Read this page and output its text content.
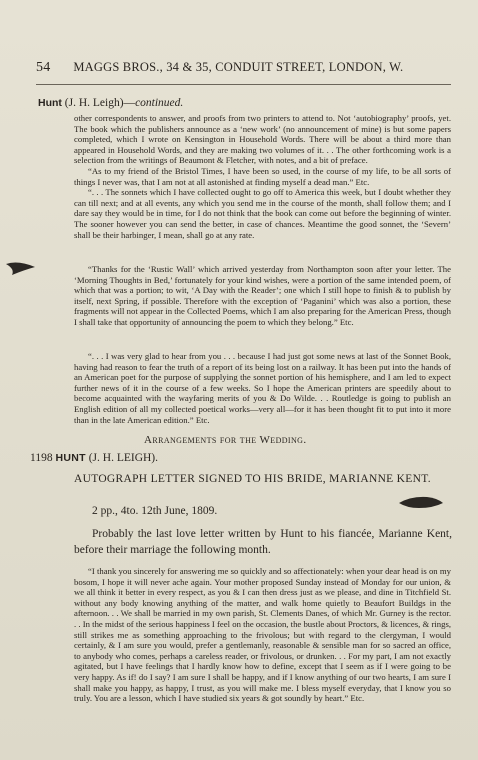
54 MAGGS BROS., 34 & 35, CONDUIT STREET, LONDON, W.
Hunt (J. H. Leigh)—continued.

other correspondents to answer, and proofs from two printers to attend to. Not ‘autobiography’ proofs, yet. The book which the publishers announce as a ‘new work’ (no announcement of mine) is but some papers completed, which I wrote on Kensington in Household Words. There will be about a third more than appeared in Household Words, and they are making two volumes of it. . . The other forthcoming work is a selection from the writings of Beaumont & Fletcher, with notes, and a bit of preface.

“As to my friend of the Bristol Times, I have been so used, in the course of my life, to be all sorts of things I never was, that I am not at all astonished at finding myself a dead man.” Etc.

“. . . The sonnets which I have collected ought to go off to America this week, but I doubt whether they can till next; and at all events, any which you send me in the course of the month, shall follow them; and I dare say they would be in time, for I do not think that the book can come out before the beginning of winter. The sooner however you can send the better, in case of chances. Meantime the good sonnet, the ‘Severn’ shall be their harbinger, I mean, shall go at any rate.

“Thanks for the ‘Rustic Wall’ which arrived yesterday from Northampton soon after your letter. The ‘Morning Thoughts in Bed,’ fortunately for your kind wishes, were a portion of the same intended poem, of which that was a portion; to wit, ‘A Day with the Reader’; one which I still hope to finish & to publish by itself, next Spring, if possible. Therefore with the exception of ‘Paganini’ which was also a portion, these fragments will not appear in the Collected Poems, which I am also preparing for the American Press, though I shall take that opportunity of announcing the poem to which they belong.” Etc.

“. . . I was very glad to hear from you . . . because I had just got some news at last of the Sonnet Book, having had reason to fear the truth of a report of its being lost on a railway. It has been put into the hands of an American poet for the purpose of supplying the sonnet portion of his hemisphere, and I am led to expect further news of it in the course of a few weeks. So I hope the American printers are speedily about to become acquainted with the wayfaring merits of you & Do Wilde. . . Routledge is going to publish an English edition of all my collected poetical works—very all—for it has been thought fit to put into it more than in the late American edition.” Etc.

Arrangements for the Wedding.
1198 HUNT (J. H. LEIGH).
AUTOGRAPH LETTER SIGNED TO HIS BRIDE, MARIANNE KENT.
2 pp., 4to. 12th June, 1809.
Probably the last love letter written by Hunt to his fiancée, Marianne Kent, before their marriage the following month.

“I thank you sincerely for answering me so quickly and so affectionately: when your dear head is on my bosom, I hope it will never ache again. Your mother proposed Sunday instead of Monday for our union, & we all think it better in every respect, as you & I can then dress just as we please, and dine in Titchfield St. without any body knowing anything of the matter, and walk home quietly to Beaufort Buildgs in the afternoon. . . We shall be married in my own parish, St. Clements Danes, of which Mr. Gurney is the rector. . . In the midst of the serious happiness I feel on the occasion, the bustle about Proctors, & licences, & rings, still strikes me as something approaching to the frivolous; but with regard to the clergyman, I would certainly, & I am sure you would, prefer a gentlemanly, reasonable & sensible man for so sacred an office, to anybody who comes, perhaps a careless reader, or frivolous, or drunken. . . For my part, I am not exactly agitated, but I have feelings that I hardly know how to define, except that I seem as if I were going to be very happy. As if! do I say? I am sure I shall be happy, and if I know anything of our two hearts, I am sure I shall make you happy, as happy, I trust, as you will make me. I bless myself everyday, that I know you so truly. You are a lesson, which I have studied six years & got soundly by heart.” Etc.
